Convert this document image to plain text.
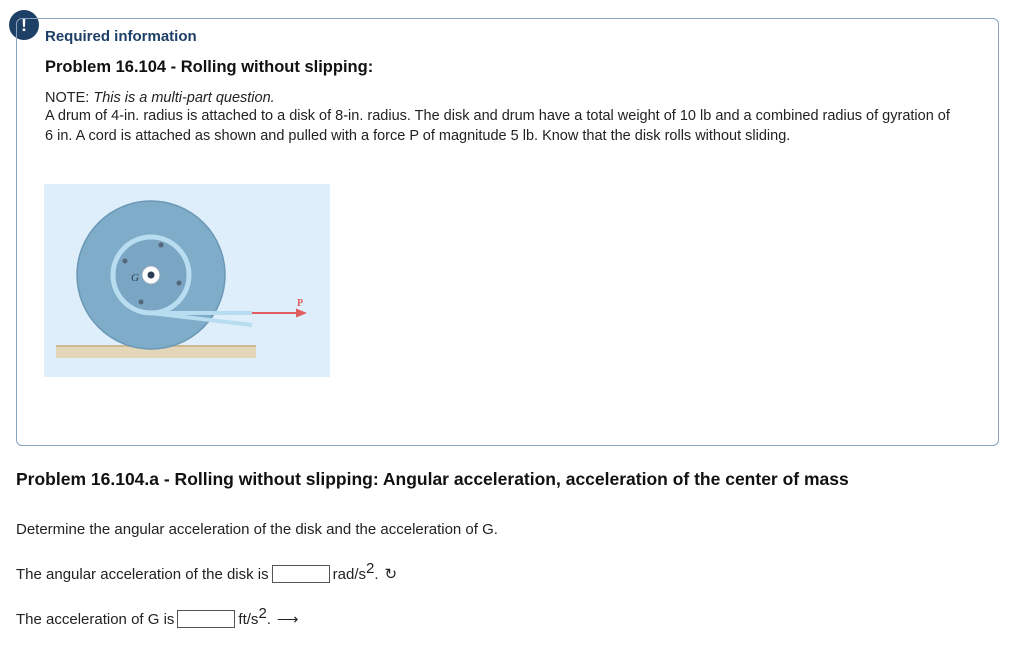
!
Required information
Problem 16.104 - Rolling without slipping:
NOTE: This is a multi-part question.
A drum of 4-in. radius is attached to a disk of 8-in. radius. The disk and drum have a total weight of 10 lb and a combined radius of gyration of 6 in. A cord is attached as shown and pulled with a force P of magnitude 5 lb. Know that the disk rolls without sliding.
G
P
Problem 16.104.a - Rolling without slipping: Angular acceleration, acceleration of the center of mass
Determine the angular acceleration of the disk and the acceleration of G.
The angular acceleration of the disk is	rad/$s^2$. ↻
The acceleration of G is	$ft/s^2$. ⟶
